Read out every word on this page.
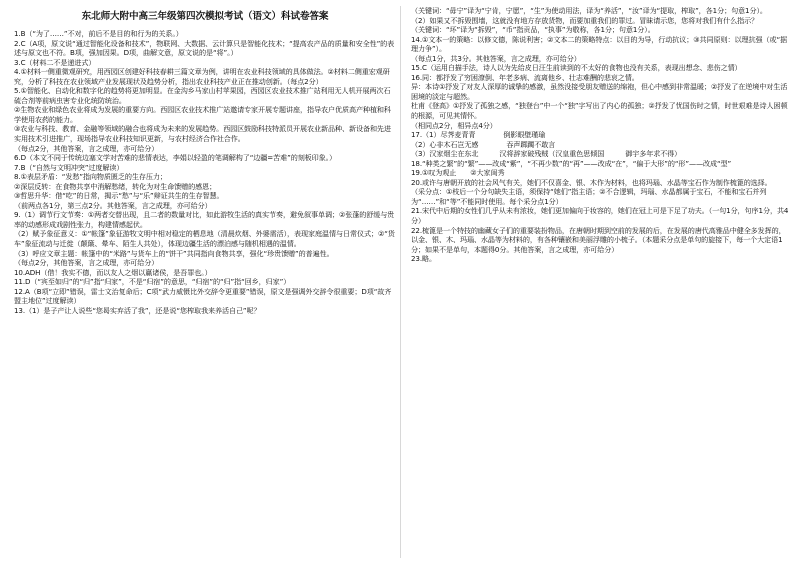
东北师大附中高三年级第四次模拟考试（语文）科试卷答案

1.B（“为了……”不对，前后不是目的和行为的关系。）

2.C（A项，原文说“通过智能化设备和技术”，物联网、大数据、云计算只是智能化技术；“提高农产品的质量和安全性”的表述与原文也不符。B项，强加因果。D项，曲解文意，原文说的是“将”。）

3.C（材料二不是递进式）

4.①材料一侧重微观研究，用西园区创建好科技春耕三篇文章为例，讲明在农业科技领域的具体做法。②材料二侧重宏观研究，分析了科技在农业领域产业发展现状及趋势分析，指出农业科技产业正在推动创新。（每点2分）

5.①智能化、自动化和数字化的趋势将更加明显。在金沟乡马家山村苹果园，西园区农业技术推广站利用无人机开展两次石硫合剂等前病虫害专业化统防统治。

②生物农业和绿色农业将成为发展的重要方向。西园区农业技术推广站邀请专家开展专题讲座，指导农户优质高产种植和科学使用农药的能力。

③农业与科技、教育、金融等领域的融合也将成为未来的发展趋势。西园区鼓励科技特派员开展农业新品种、新设备和先进实用技术引进推广，现场指导农业科技知识更新，与农村经济合作社合作。

（每点2分，其他答案，言之成理，亦可给分）

6.D（本文不同于传统边塞文学对苦难的悲情表达，李娟以轻盈的笔调解构了“边疆=苦难”的刻板印象。）

7.B（“自然与文明冲突”过度解读）

8.①表层矛盾：“发愁”指向物质匮乏的生存压力；

②深层反转：在食物共享中消解愁绪，转化为对生命馈赠的感恩；

③哲思升华：借“吃”的日常，揭示“愁”与“乐”辩证共生的生存智慧。

（前两点各1分，第三点2分。其他答案，言之成理，亦可给分）

9.（1）调节行文节奏：①两者交替出现，且二者的数量对比，如此游牧生活的真实节奏，避免叙事单调；②张蓬的舒缓与贵率的动感形成戏剧性张力，构建情感起伏。

（2）赋予象征意义：①“帐篷”象征游牧文明中相对稳定的栖息地（清晨炊烟、外婆需活），表现家庭温情与日常仪式；②“货车”象征流动与迁徙（颠簸、晕车、陌生人共处），体现边疆生活的漂泊感与随机相遇的温情。

（3）呼应文章主题：帐篷中的“米路”与货车上的“饼干”共同指向食物共享，强化“珍贵馈赠”的普遍性。

（每点2分，其他答案，言之成理，亦可给分）

10.ADH（借！我实不德，而以友人之烟以赢诸侯，是吾罪也。）

11.D（“宾至如归”的“归”指“归家”，不是“归宿”的意思，“归宿”的“归”指“回乡，归家”）

12.A（B项“立即”错误，雷士文治复命后；C项“武力威慑比外交辞令更重要”错误，原文是强调外交辞令很重要；D项“故齐盟主地位”过度解读）

13.（1）是子产让人说些“您曷实弃活了我”，还是说“您榨取我来养活自己”呢？

（关键词：“毋宁”译为“宁肯，宁愿”，“生”为使动用法，译为“养活”，“汝”译为“提取，榨取”，各1分；句意1分）。

（2）如果又不拆毁围墙，这就没有地方存放货物，而要加重我们的罪过。冒昧请示您，您将对我们有什么指示？

（关键词：“坏”译为“拆毁”，“币”指贡品，“执事”为敬称，各1分；句意1分）。

14.①文本一的策略：以修文德，陈说利害；②文本二的策略特点：以目的为导，行动抗议；③共同原则：以理抗强（或“据理力争”）。

（每点1分，共3分。其他答案，言之成理，亦可给分）

15.C（运用白描手法，诗人以为先给皮日汪生前读到的不太好的食物也没有关系，表现出想念、悲伤之情）

16.同：都抒发了穷困潦倒、年老多病、流离他乡、壮志难酬的悲哀之情。

异：本诗①抒发了对友人深厚的诚挚的感激，虽然没接受朋友赠送的绵袍，但心中感到非常温暖；②抒发了在逆境中对生活困境的淡定与超然。

杜甫《登高》①抒发了孤独之感，“独登台”中一个“独”字写出了内心的孤独；②抒发了忧国伤时之情，时世艰难是诗人困顿的根源，可见其情怀。

（相同点2分，相异点4分）

17.（1）尽荠麦青青　　　　倒影眼壁瑾瑜

（2）心非木石岂无感　　　　吞声踯躅不敢言

（3）汉家烟尘在东北　　　汉将辞家破残贼（汉皇重色思倾国　　　御宇多年求不得）

18.“种类之繁”的“繁”——改成“紫”，“不再少数”的“再”——改成“在”，“偏于大形”的“形”——改成“型”

19.①叹为观止　　②大家闺秀

20.或许与唐朝开放的社会风气有关，她们不仅喜金、银、木作为材料，也将玛瑙、水晶等宝石作为制作梳篦的选择。

（采分点：①枝后一个分句缺失主语，须保持“她们”指主语；②不合逻辑，玛瑙、水晶都属于宝石，不能和宝石并列为“……”和“等”不能同时使用。每个采分点1分）

21.宋代中后期的女性们几乎从未有浓妆，她们更加偏向于妆容的，她们在冠上可是下足了功夫。（一句1分，句序1分，共4分）

22.梳篦是一个特技的幽藏女子们的重要装扮物品，在唐朝时期到空前的发展的后，在发展的唐代高雅品中健全多发挥的，以金、银、木、玛瑙、水晶等为材料的，有各种镶嵌和美丽浮雕的小梳子。（本题采分点是单句的旋接下，每一个大定语1分；如果不是单句，本题得0分。其他答案，言之成理，亦可给分）

23.略。
